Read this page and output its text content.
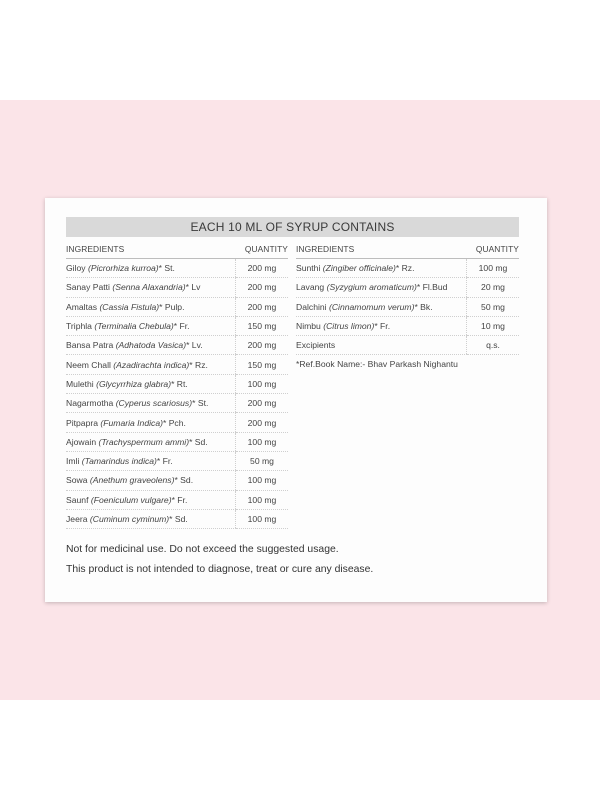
EACH 10 ML OF SYRUP CONTAINS
INGREDIENTS	QUANTITY
Giloy (Picrorhiza kurroa)* St.	200 mg
Sanay Patti (Senna Alaxandria)* Lv	200 mg
Amaltas (Cassia Fistula)* Pulp.	200 mg
Triphla (Terminalia Chebula)* Fr.	150 mg
Bansa Patra (Adhatoda Vasica)* Lv.	200 mg
Neem Chall (Azadirachta indica)* Rz.	150 mg
Mulethi (Glycyrrhiza glabra)* Rt.	100 mg
Nagarmotha (Cyperus scariosus)* St.	200 mg
Pitpapra (Fumaria Indica)* Pch.	200 mg
Ajowain (Trachyspermum ammi)* Sd.	100 mg
Imli (Tamarindus indica)* Fr.	50 mg
Sowa (Anethum graveolens)* Sd.	100 mg
Saunf (Foeniculum vulgare)* Fr.	100 mg
Jeera (Cuminum cyminum)* Sd.	100 mg
INGREDIENTS	QUANTITY
Sunthi (Zingiber officinale)* Rz.	100 mg
Lavang (Syzygium aromaticum)* Fl.Bud	20 mg
Dalchini (Cinnamomum verum)* Bk.	50 mg
Nimbu (Citrus limon)* Fr.	10 mg
Excipients	q.s.
*Ref.Book Name:- Bhav Parkash Nighantu
Not for medicinal use. Do not exceed the suggested usage.
This product is not intended to diagnose, treat or cure any disease.
